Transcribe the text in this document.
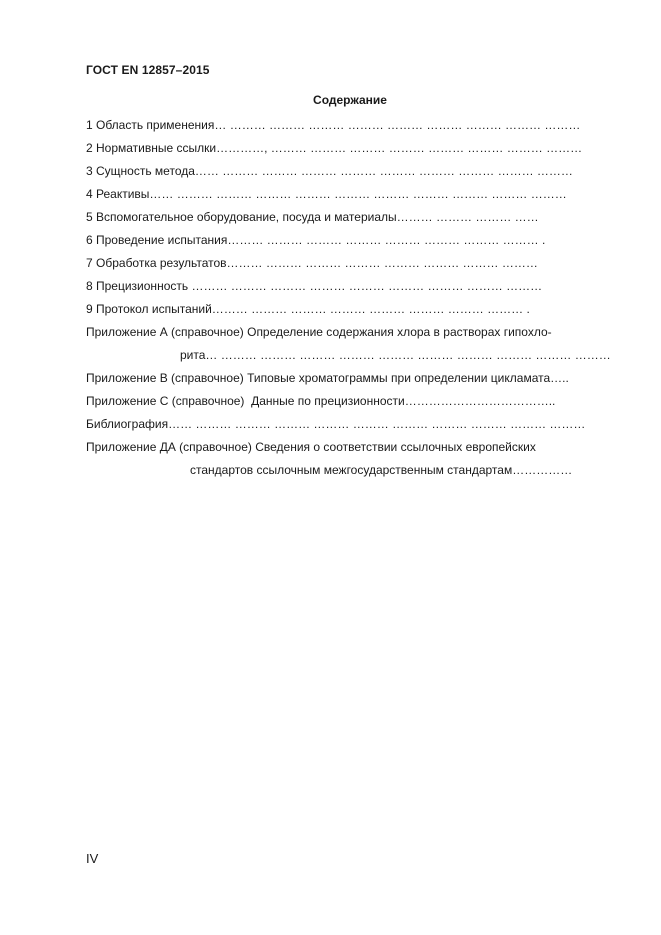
ГОСТ EN 12857–2015
Содержание
1 Область применения… ……… ……… ……… ……… ……… ……… ……… ……… ………
2 Нормативные ссылки…………, ……… ……… ……… ……… ……… ……… ……… ………
3 Сущность метода…… ……… ……… ……… ……… ……… ……… ……… ……… ………
4 Реактивы…… ……… ……… ……… ……… ……… ……… ……… ……… ……… ………
5 Вспомогательное оборудование, посуда и материалы……… ……… ……… ……
6 Проведение испытания……… ……… ……… ……… ……… ……… ……… ……… .
7 Обработка результатов……… ……… ……… ……… ……… ……… ……… ………
8 Прецизионность ……… ……… ……… ……… ……… ……… ……… ……… ………
9 Протокол испытаний……… ……… ……… ……… ……… ……… ……… ……… .
Приложение А (справочное) Определение содержания хлора в растворах гипохло-
рита… ……… ……… ……… ……… ……… ……… ……… ……… ……… ………
Приложение B (справочное) Типовые хроматограммы при определении цикламата…..
Приложение C (справочное)  Данные по прецизионности………………………………..
Библиография…… ……… ……… ……… ……… ……… ……… ……… ……… ……… ………
Приложение ДА (справочное) Сведения о соответствии ссылочных европейских
стандартов ссылочным межгосударственным стандартам……………
IV
